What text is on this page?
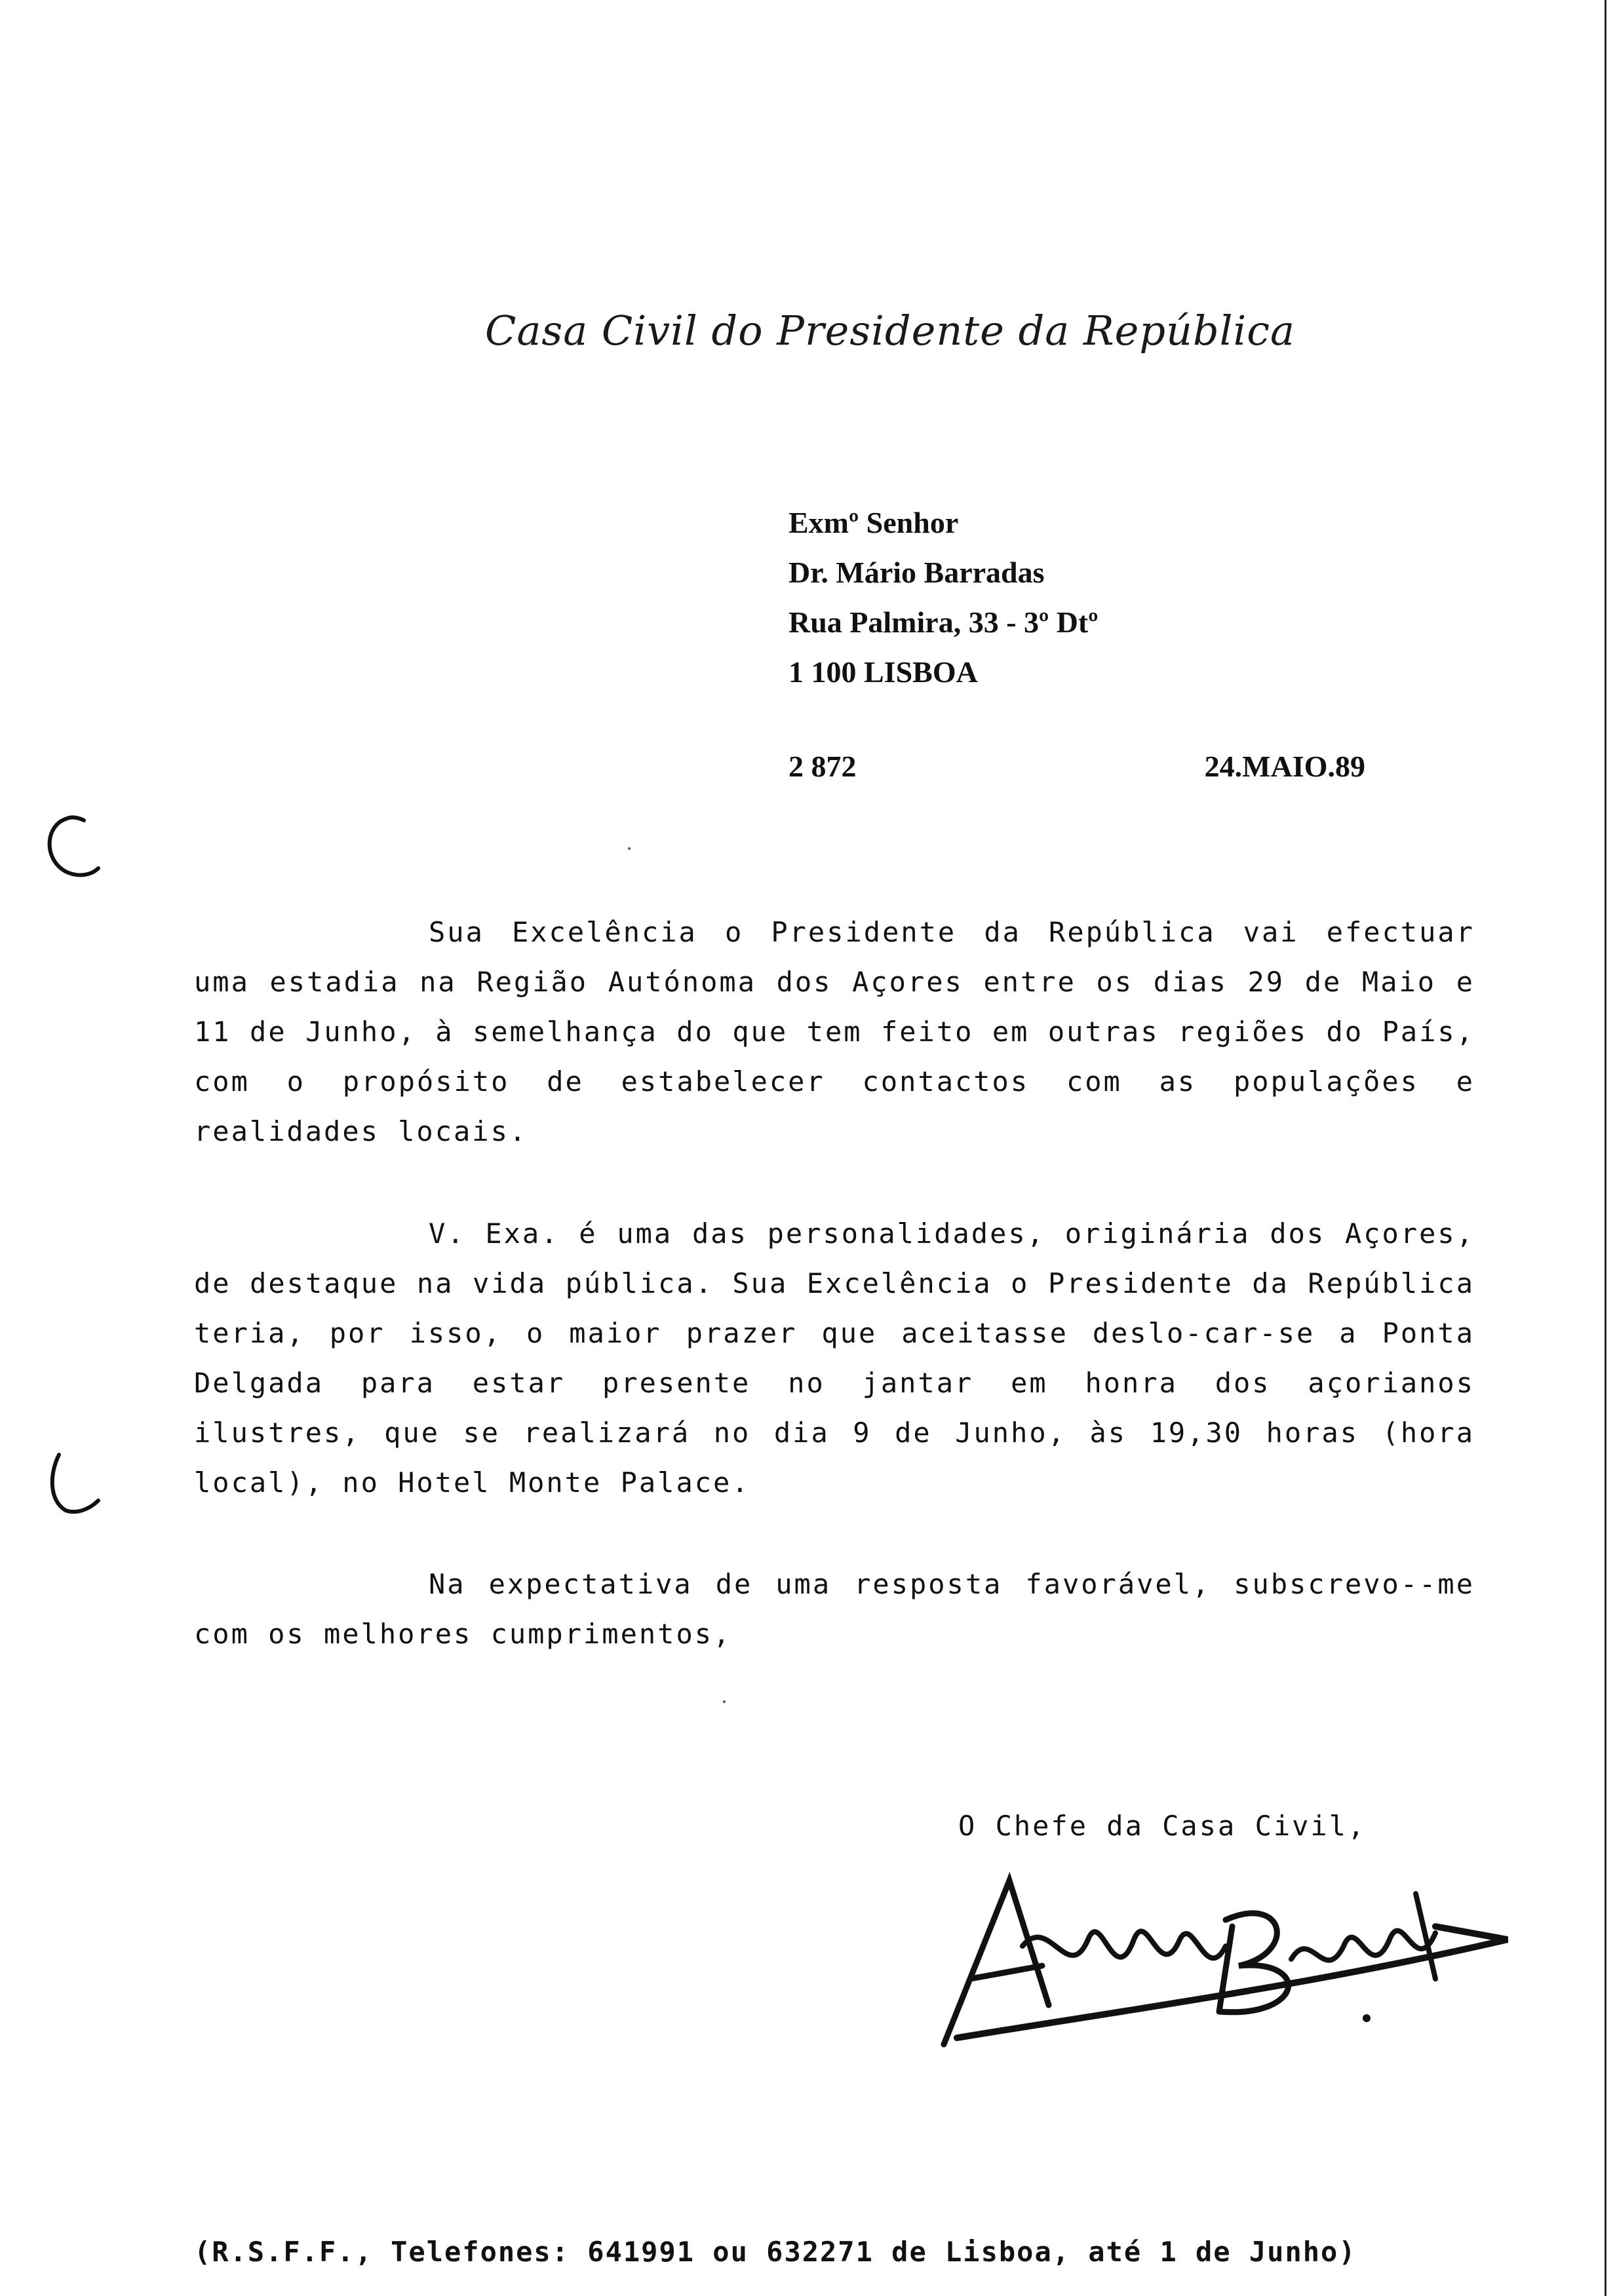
Casa Civil do Presidente da República
Exmº Senhor
Dr. Mário Barradas
Rua Palmira, 33 - 3º Dtº
1 100 LISBOA
2 872	24.MAIO.89

Sua Excelência o Presidente da República vai efectuar uma estadia na Região Autónoma dos Açores entre os dias 29 de Maio e 11 de Junho, à semelhança do que tem feito em outras regiões do País, com o propósito de estabelecer contactos com as populações e realidades locais.

V. Exa. é uma das personalidades, originária dos Açores, de destaque na vida pública. Sua Excelência o Presidente da República teria, por isso, o maior prazer que aceitasse deslo-car-se a Ponta Delgada para estar presente no jantar em honra dos açorianos ilustres, que se realizará no dia 9 de Junho, às 19,30 horas (hora local), no Hotel Monte Palace.

Na expectativa de uma resposta favorável, subscrevo--me com os melhores cumprimentos,

O Chefe da Casa Civil,
(R.S.F.F., Telefones: 641991 ou 632271 de Lisboa, até 1 de Junho)
